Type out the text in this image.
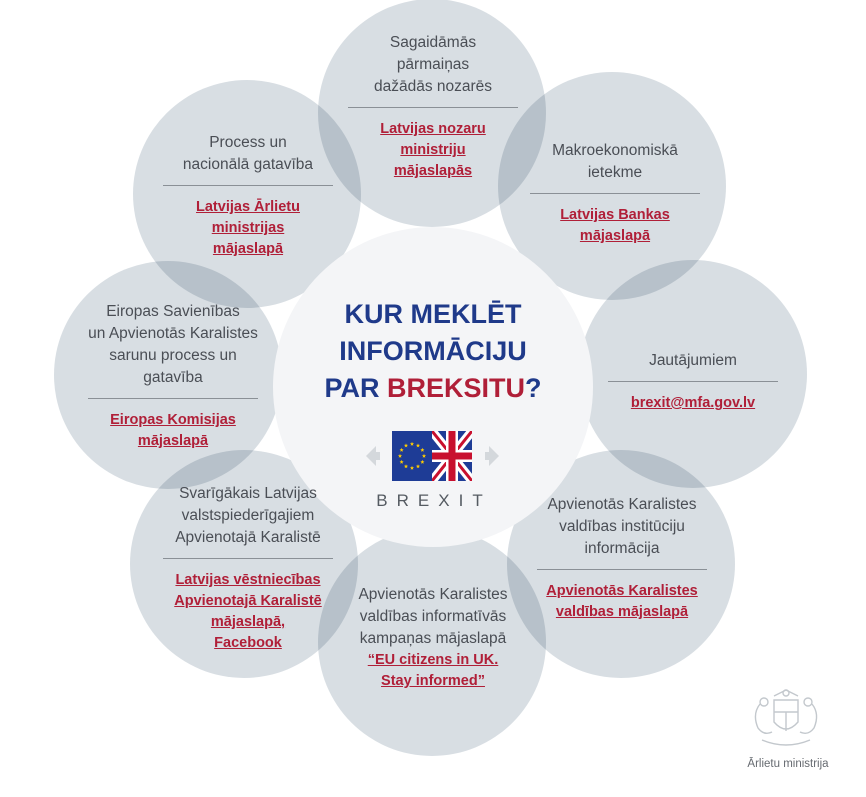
Sagaidāmās
pārmaiņas
dažādās nozarēs
Latvijas nozaru
ministriju
mājaslapās
Makroekonomiskā
ietekme
Latvijas Bankas
mājaslapā
Jautājumiem
brexit@mfa.gov.lv
Apvienotās Karalistes
valdības institūciju
informācija
Apvienotās Karalistes
valdības mājaslapā
Apvienotās Karalistes
valdības informatīvās
kampaņas mājaslapā
“EU citizens in UK.
Stay informed”
Svarīgākais Latvijas
valstspiederīgajiem
Apvienotajā Karalistē
Latvijas vēstniecības
Apvienotajā Karalistē
mājaslapā,
Facebook
Eiropas Savienības
un Apvienotās Karalistes
sarunu process un
gatavība
Eiropas Komisijas
mājaslapā
Process un
nacionālā gatavība
Latvijas Ārlietu
ministrijas
mājaslapā
KUR MEKLĒT
INFORMĀCIJU
PAR BREKSITU?
BREXIT
Ārlietu ministrija
